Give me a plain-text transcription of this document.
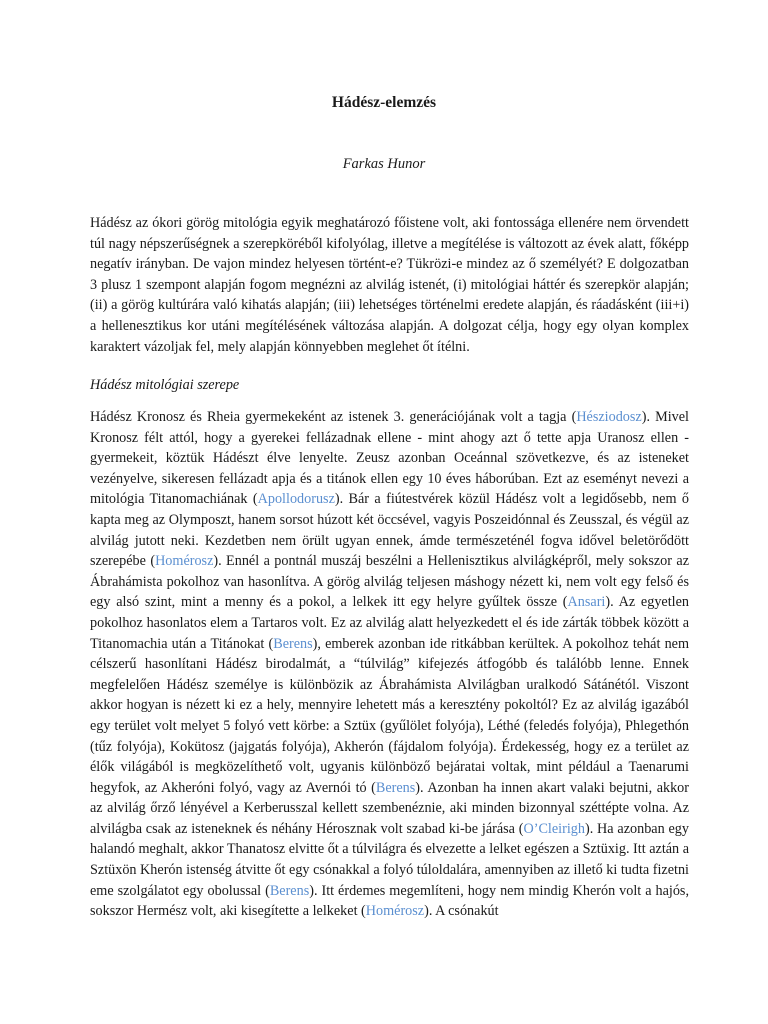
Hádész-elemzés
Farkas Hunor

Hádész az ókori görög mitológia egyik meghatározó főistene volt, aki fontossága ellenére nem örvendett túl nagy népszerűségnek a szerepköréből kifolyólag, illetve a megítélése is változott az évek alatt, főképp negatív irányban. De vajon mindez helyesen történt-e? Tükrözi-e mindez az ő személyét? E dolgozatban 3 plusz 1 szempont alapján fogom megnézni az alvilág istenét, (i) mitológiai háttér és szerepkör alapján; (ii) a görög kultúrára való kihatás alapján; (iii) lehetséges történelmi eredete alapján, és ráadásként (iii+i) a hellenesztikus kor utáni megítélésének változása alapján. A dolgozat célja, hogy egy olyan komplex karaktert vázoljak fel, mely alapján könnyebben meglehet őt ítélni.

Hádész mitológiai szerepe

Hádész Kronosz és Rheia gyermekeként az istenek 3. generációjának volt a tagja (Hésziodosz). Mivel Kronosz félt attól, hogy a gyerekei fellázadnak ellene - mint ahogy azt ő tette apja Uranosz ellen - gyermekeit, köztük Hádészt élve lenyelte. Zeusz azonban Oceánnal szövetkezve, és az isteneket vezényelve, sikeresen fellázadt apja és a titánok ellen egy 10 éves háborúban. Ezt az eseményt nevezi a mitológia Titanomachiának (Apollodorusz). Bár a fiútestvérek közül Hádész volt a legidősebb, nem ő kapta meg az Olymposzt, hanem sorsot húzott két öccsével, vagyis Poszeidónnal és Zeusszal, és végül az alvilág jutott neki. Kezdetben nem örült ugyan ennek, ámde természeténél fogva idővel beletörődött szerepébe (Homérosz). Ennél a pontnál muszáj beszélni a Hellenisztikus alvilágképről, mely sokszor az Ábrahámista pokolhoz van hasonlítva. A görög alvilág teljesen máshogy nézett ki, nem volt egy felső és egy alsó szint, mint a menny és a pokol, a lelkek itt egy helyre gyűltek össze (Ansari). Az egyetlen pokolhoz hasonlatos elem a Tartaros volt. Ez az alvilág alatt helyezkedett el és ide zárták többek között a Titanomachia után a Titánokat (Berens), emberek azonban ide ritkábban kerültek. A pokolhoz tehát nem célszerű hasonlítani Hádész birodalmát, a “túlvilág” kifejezés átfogóbb és találóbb lenne. Ennek megfelelően Hádész személye is különbözik az Ábrahámista Alvilágban uralkodó Sátánétól. Viszont akkor hogyan is nézett ki ez a hely, mennyire lehetett más a keresztény pokoltól? Ez az alvilág igazából egy terület volt melyet 5 folyó vett körbe: a Sztüx (gyűlölet folyója), Léthé (feledés folyója), Phlegethón (tűz folyója), Kokütosz (jajgatás folyója), Akherón (fájdalom folyója). Érdekesség, hogy ez a terület az élők világából is megközelíthető volt, ugyanis különböző bejáratai voltak, mint például a Taenarumi hegyfok, az Akheróni folyó, vagy az Avernói tó (Berens). Azonban ha innen akart valaki bejutni, akkor az alvilág őrző lényével a Kerberusszal kellett szembenéznie, aki minden bizonnyal széttépte volna. Az alvilágba csak az isteneknek és néhány Hérosznak volt szabad ki-be járása (O’Cleirigh). Ha azonban egy halandó meghalt, akkor Thanatosz elvitte őt a túlvilágra és elvezette a lelket egészen a Sztüxig. Itt aztán a Sztüxön Kherón istenség átvitte őt egy csónakkal a folyó túloldalára, amennyiben az illető ki tudta fizetni eme szolgálatot egy obolussal (Berens). Itt érdemes megemlíteni, hogy nem mindig Kherón volt a hajós, sokszor Hermész volt, aki kisegítette a lelkeket (Homérosz). A csónakút
